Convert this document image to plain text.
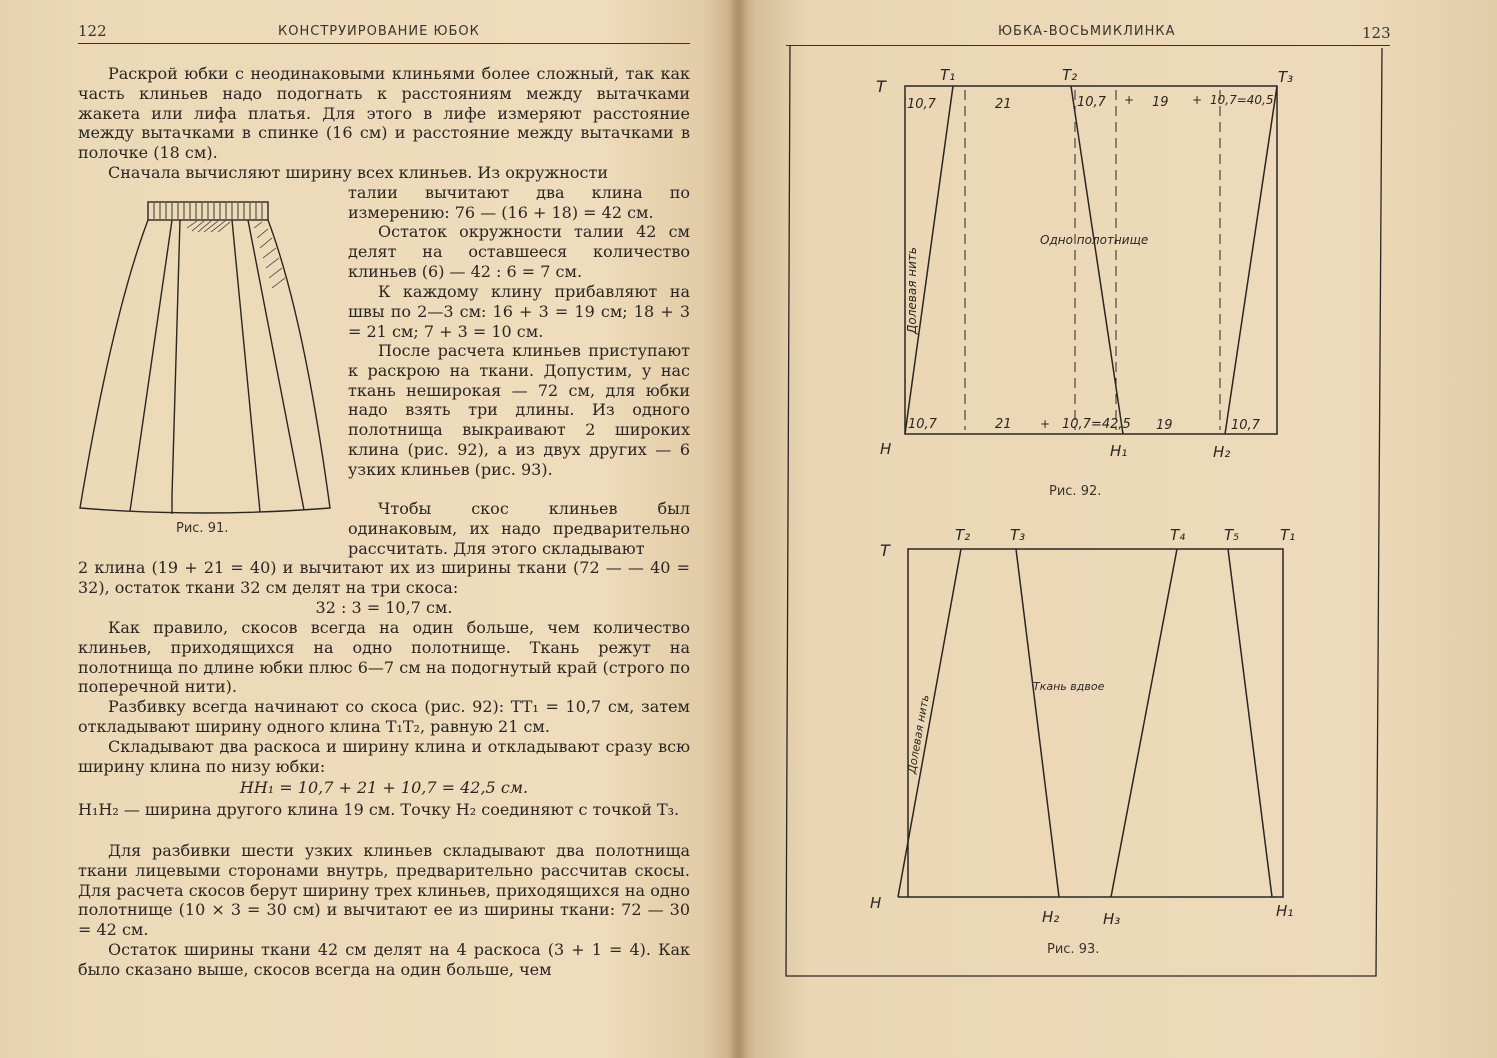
122	КОНСТРУИРОВАНИЕ ЮБОК

Раскрой юбки с неодинаковыми клиньями более сложный, так как часть клиньев надо подогнать к расстояниям между вытачками жакета или лифа платья. Для этого в лифе измеряют расстояние между вытачками в спинке (16 см) и расстояние между вытачками в полочке (18 см).

Сначала вычисляют ширину всех клиньев. Из окружности

Рис. 91.

талии вычитают два клина по измерению: 76 — (16 + 18) = 42 см.

Остаток окружности талии 42 см делят на оставшееся количество клиньев (6) — 42 : 6 = 7 см.

К каждому клину прибавляют на швы по 2—3 см: 16 + 3 = 19 см; 18 + 3 = 21 см; 7 + 3 = 10 см.

После расчета клиньев приступают к раскрою на ткани. Допустим, у нас ткань неширокая — 72 см, для юбки надо взять три длины. Из одного полотнища выкраивают 2 широких клина (рис. 92), а из двух других — 6 узких клиньев (рис. 93).

Чтобы скос клиньев был одинаковым, их надо предварительно рассчитать. Для этого складывают

2 клина (19 + 21 = 40) и вычитают их из ширины ткани (72 — — 40 = 32), остаток ткани 32 см делят на три скоса:

32 : 3 = 10,7 см.

Как правило, скосов всегда на один больше, чем количество клиньев, приходящихся на одно полотнище. Ткань режут на полотнища по длине юбки плюс 6—7 см на подогнутый край (строго по поперечной нити).

Разбивку всегда начинают со скоса (рис. 92): TT₁ = 10,7 см, затем откладывают ширину одного клина T₁T₂, равную 21 см.

Складывают два раскоса и ширину клина и откладывают сразу всю ширину клина по низу юбки:

HH₁ = 10,7 + 21 + 10,7 = 42,5 см.

H₁H₂ — ширина другого клина 19 см. Точку H₂ соединяют с точкой T₃.

Для разбивки шести узких клиньев складывают два полотнища ткани лицевыми сторонами внутрь, предварительно рассчитав скосы. Для расчета скосов берут ширину трех клиньев, приходящихся на одно полотнище (10 × 3 = 30 см) и вычитают ее из ширины ткани: 72 — 30 = 42 см.

Остаток ширины ткани 42 см делят на 4 раскоса (3 + 1 = 4). Как было сказано выше, скосов всегда на один больше, чем

ЮБКА-ВОСЬМИКЛИНКА	123
T
T₁	T₂	T₃
H	H₁	H₂
10,7	21	10,7 + 19 + 10,7=40,5
10,7	21 + 10,7=42,5 19	10,7
Одно полотнище
Долевая нить
T
T₂	T₃	T₄	T₅	T₁
H
H₂	H₃	H₁
Ткань вдвое
Долевая нить
Рис. 92.
Рис. 93.
